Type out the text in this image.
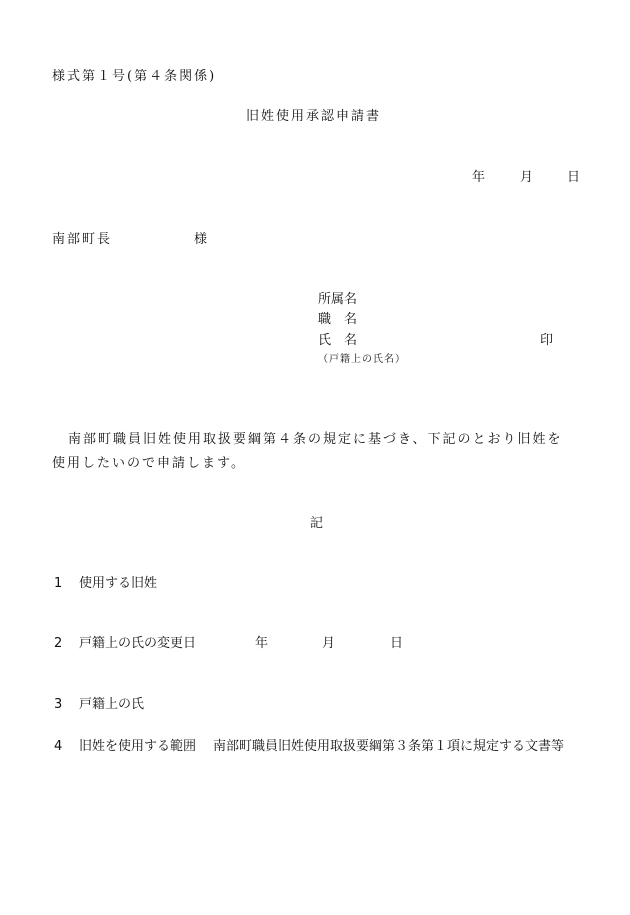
様式第１号(第４条関係)
旧姓使用承認申請書
年	月	日
南部町長	様
所属名
職　名
氏　名	印
（戸籍上の氏名）
南部町職員旧姓使用取扱要綱第４条の規定に基づき、下記のとおり旧姓を
使用したいので申請します。
記
1 使用する旧姓
2 戸籍上の氏の変更日	年	月	日
3 戸籍上の氏
4 旧姓を使用する範囲 南部町職員旧姓使用取扱要綱第３条第１項に規定する文書等
